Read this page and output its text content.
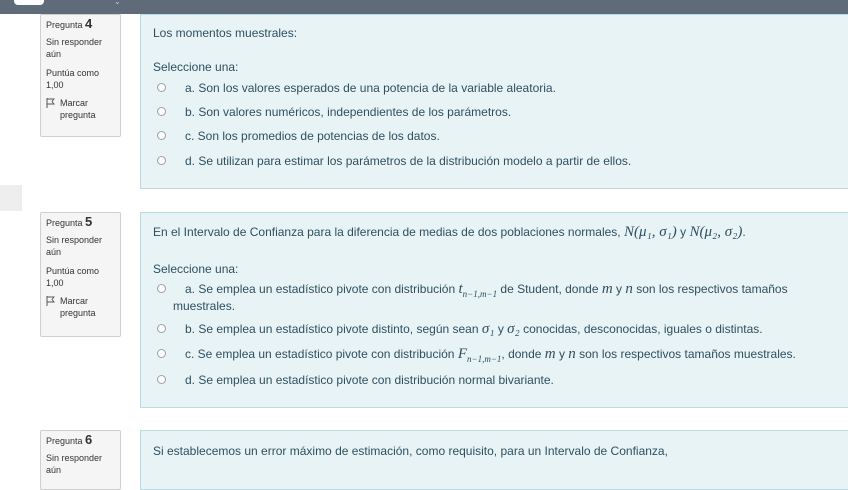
⌄
Pregunta 4
Sin responder aún
Puntúa como
1,00
Marcar pregunta
Los momentos muestrales:
Seleccione una:
a. Son los valores esperados de una potencia de la variable aleatoria.
b. Son valores numéricos, independientes de los parámetros.
c. Son los promedios de potencias de los datos.
d. Se utilizan para estimar los parámetros de la distribución modelo a partir de ellos.
Pregunta 5
Sin responder aún
Puntúa como
1,00
Marcar pregunta
En el Intervalo de Confianza para la diferencia de medias de dos poblaciones normales, N(μ₁, σ₁) y N(μ₂, σ₂).
Seleccione una:
a. Se emplea un estadístico pivote con distribución $t_{n-1,m-1}$ de Student, donde m y n son los respectivos tamaños
muestrales.
b. Se emplea un estadístico pivote distinto, según sean σ₁ y σ₂ conocidas, desconocidas, iguales o distintas.
c. Se emplea un estadístico pivote con distribución $F_{n-1,m-1}$, donde m y n son los respectivos tamaños muestrales.
d. Se emplea un estadístico pivote con distribución normal bivariante.
Pregunta 6
Sin responder aún
Si establecemos un error máximo de estimación, como requisito, para un Intervalo de Confianza,
